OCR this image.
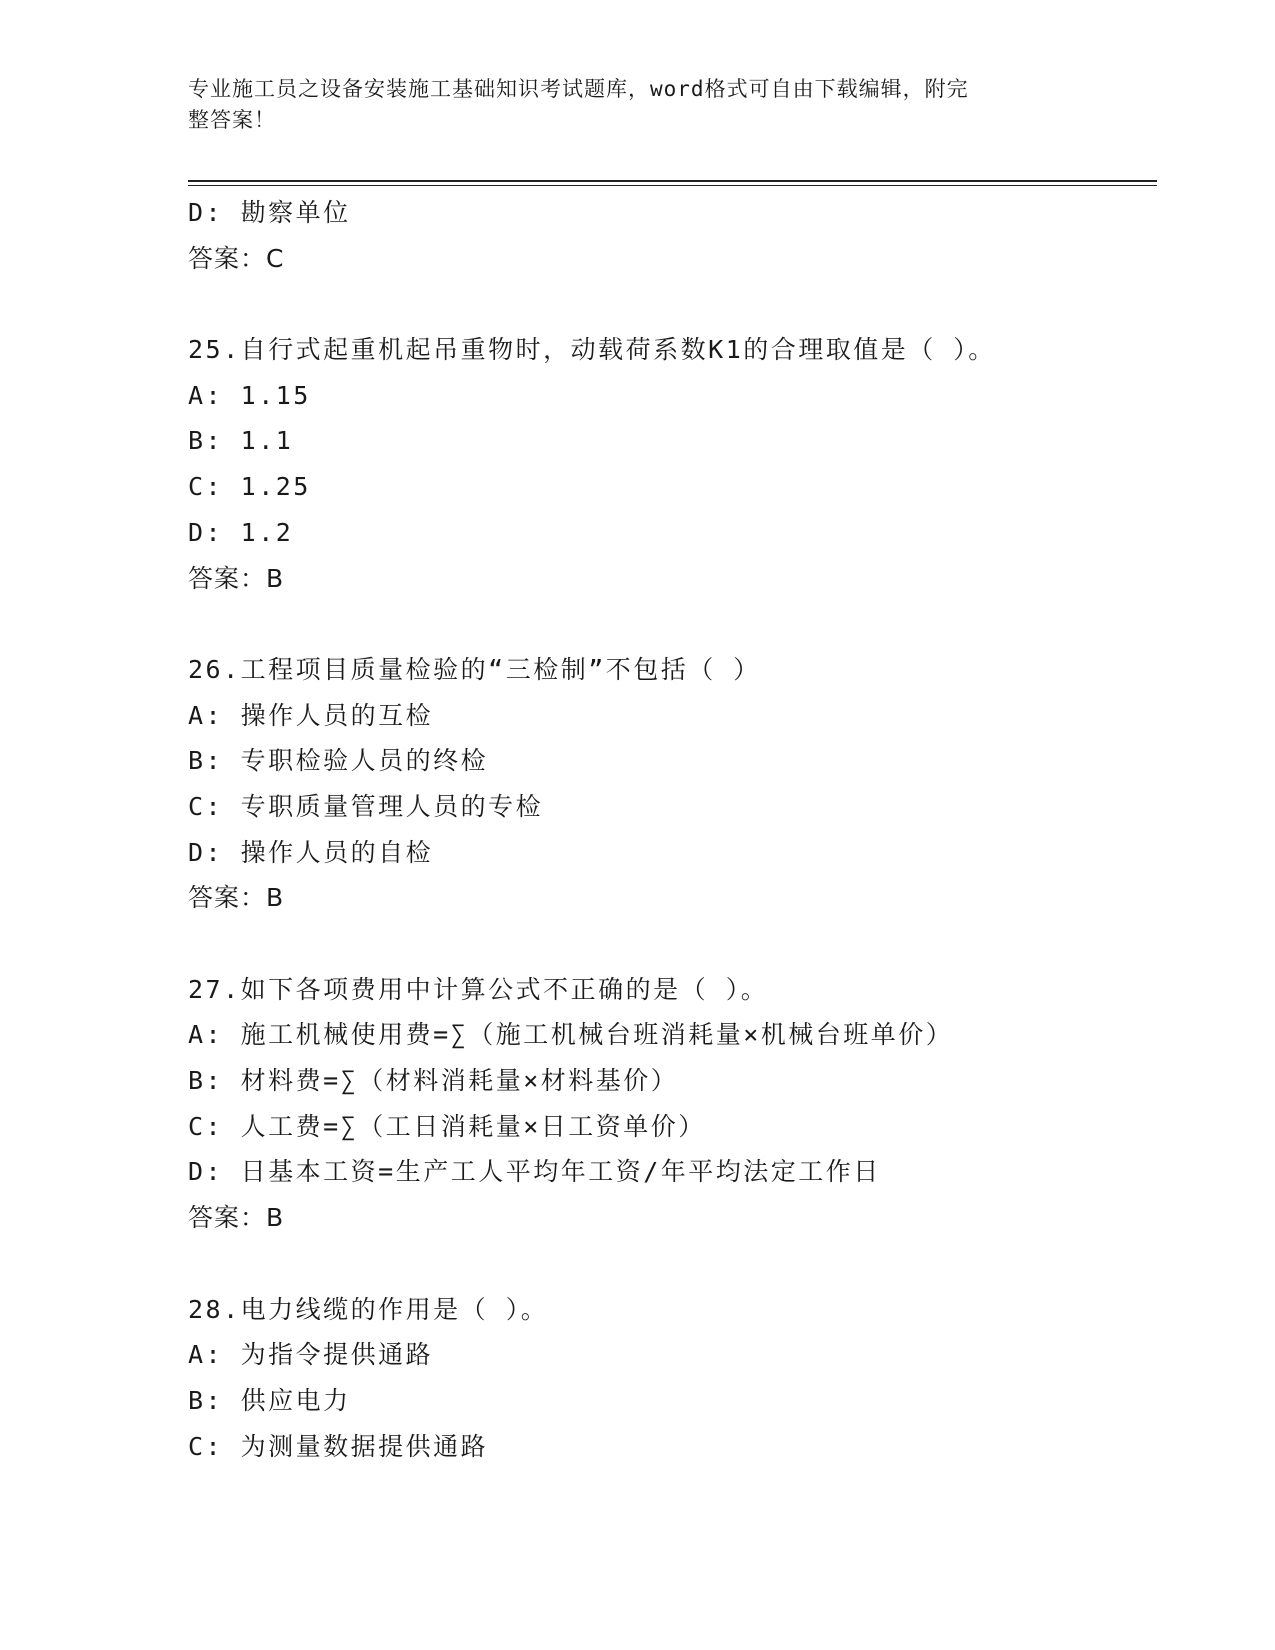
专业施工员之设备安装施工基础知识考试题库，word格式可自由下载编辑，附完
整答案！
D: 勘察单位
答案：C
25.自行式起重机起吊重物时，动载荷系数K1的合理取值是（ ）。
A: 1.15
B: 1.1
C: 1.25
D: 1.2
答案：B
26.工程项目质量检验的“三检制”不包括（ ）
A: 操作人员的互检
B: 专职检验人员的终检
C: 专职质量管理人员的专检
D: 操作人员的自检
答案：B
27.如下各项费用中计算公式不正确的是（ ）。
A: 施工机械使用费=∑（施工机械台班消耗量×机械台班单价）
B: 材料费=∑（材料消耗量×材料基价）
C: 人工费=∑（工日消耗量×日工资单价）
D: 日基本工资=生产工人平均年工资/年平均法定工作日
答案：B
28.电力线缆的作用是（ ）。
A: 为指令提供通路
B: 供应电力
C: 为测量数据提供通路
